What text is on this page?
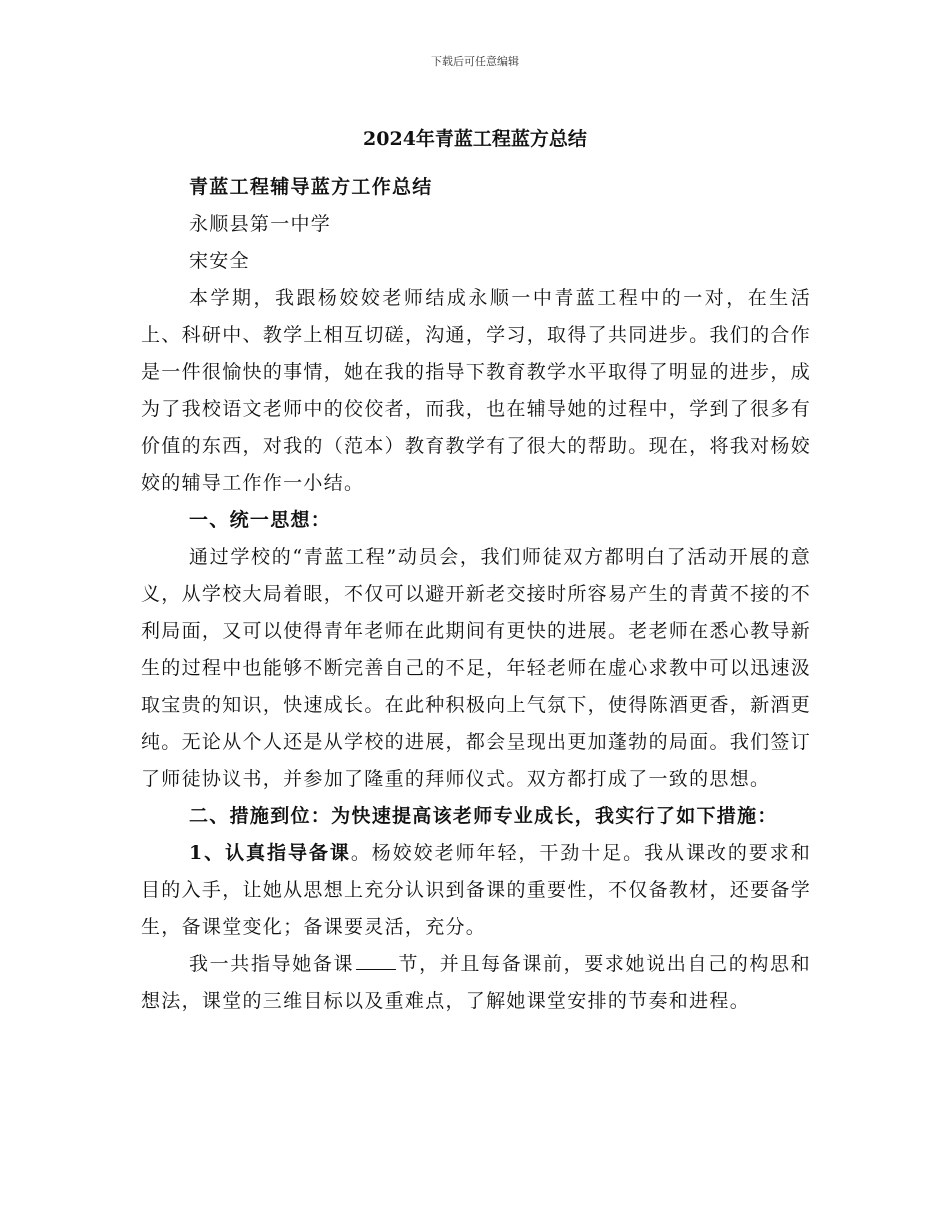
下载后可任意编辑
2024年青蓝工程蓝方总结

青蓝工程辅导蓝方工作总结

永顺县第一中学

宋安全

本学期，我跟杨姣姣老师结成永顺一中青蓝工程中的一对，在生活上、科研中、教学上相互切磋，沟通，学习，取得了共同进步。我们的合作是一件很愉快的事情，她在我的指导下教育教学水平取得了明显的进步，成为了我校语文老师中的佼佼者，而我，也在辅导她的过程中，学到了很多有价值的东西，对我的（范本）教育教学有了很大的帮助。现在，将我对杨姣姣的辅导工作作一小结。

一、统一思想：

通过学校的“青蓝工程”动员会，我们师徒双方都明白了活动开展的意义，从学校大局着眼，不仅可以避开新老交接时所容易产生的青黄不接的不利局面，又可以使得青年老师在此期间有更快的进展。老老师在悉心教导新生的过程中也能够不断完善自己的不足，年轻老师在虚心求教中可以迅速汲取宝贵的知识，快速成长。在此种积极向上气氛下，使得陈酒更香，新酒更纯。无论从个人还是从学校的进展，都会呈现出更加蓬勃的局面。我们签订了师徒协议书，并参加了隆重的拜师仪式。双方都打成了一致的思想。

二、措施到位：为快速提高该老师专业成长，我实行了如下措施：

1、认真指导备课。杨姣姣老师年轻，干劲十足。我从课改的要求和目的入手，让她从思想上充分认识到备课的重要性，不仅备教材，还要备学生，备课堂变化；备课要灵活，充分。

我一共指导她备课 节，并且每备课前，要求她说出自己的构思和想法，课堂的三维目标以及重难点，了解她课堂安排的节奏和进程。
